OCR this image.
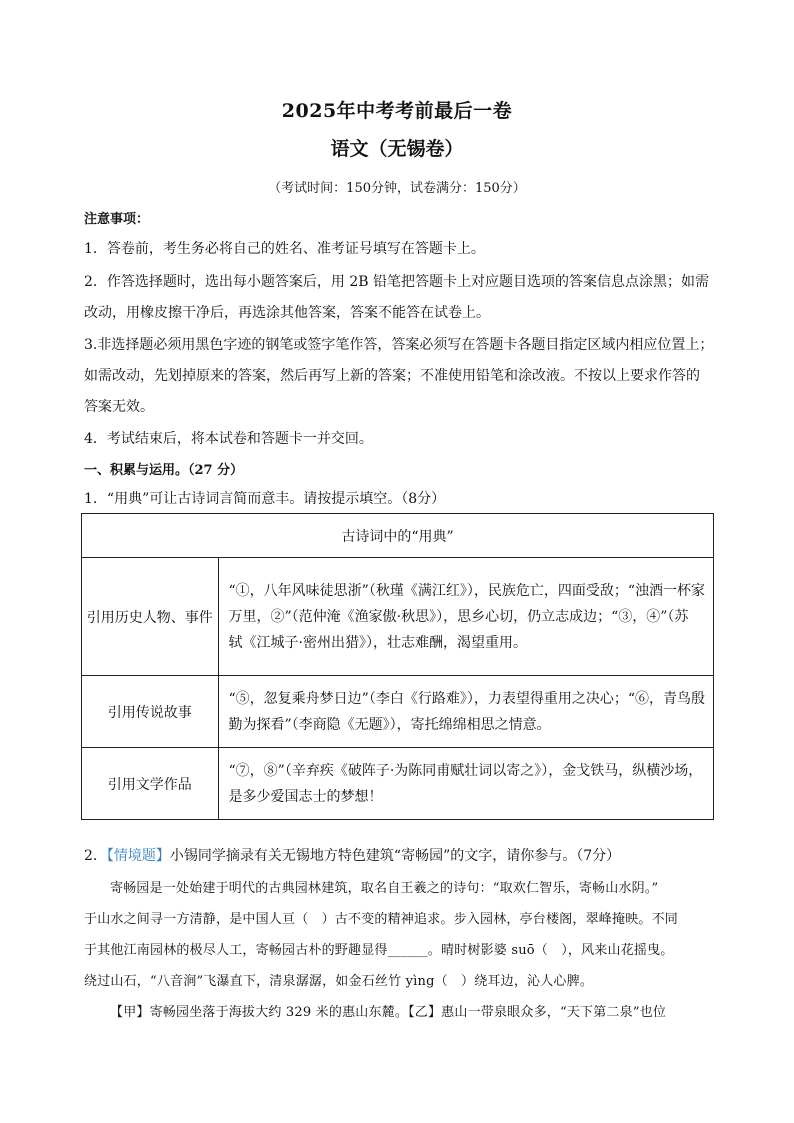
2025年中考考前最后一卷
语文（无锡卷）
（考试时间：150分钟，试卷满分：150分）
注意事项：
1．答卷前，考生务必将自己的姓名、准考证号填写在答题卡上。
2．作答选择题时，选出每小题答案后，用 2B 铅笔把答题卡上对应题目选项的答案信息点涂黑；如需
改动，用橡皮擦干净后，再选涂其他答案，答案不能答在试卷上。
3.非选择题必须用黑色字迹的钢笔或签字笔作答，答案必须写在答题卡各题目指定区域内相应位置上；
如需改动，先划掉原来的答案，然后再写上新的答案；不准使用铅笔和涂改液。不按以上要求作答的
答案无效。
4．考试结束后，将本试卷和答题卡一并交回。
一、积累与运用。（27 分）
1．“用典”可让古诗词言简而意丰。请按提示填空。（8分）
古诗词中的“用典”	
引用历史人物、事件	“①，八年风味徒思浙”（秋瑾《满江红》），民族危亡，四面受敌；“浊酒一杯家
万里，②”（范仲淹《渔家傲·秋思》），思乡心切，仍立志成边；“③，④”（苏
轼《江城子·密州出猎》），壮志难酬，渴望重用。

引用传说故事	“⑤，忽复乘舟梦日边”（李白《行路难》），力表望得重用之决心；“⑥，青鸟殷
勤为探看”（李商隐《无题》），寄托绵绵相思之情意。

引用文学作品	“⑦，⑧”（辛弃疾《破阵子·为陈同甫赋壮词以寄之》），金戈铁马，纵横沙场，
是多少爱国志士的梦想！
2．【情境题】小锡同学摘录有关无锡地方特色建筑“寄畅园”的文字，请你参与。（7分）
寄畅园是一处始建于明代的古典园林建筑，取名自王羲之的诗句：“取欢仁智乐，寄畅山水阴。”
于山水之间寻一方清静，是中国人亘（　）古不变的精神追求。步入园林，亭台楼阁，翠峰掩映。不同
于其他江南园林的极尽人工，寄畅园古朴的野趣显得______。晴时树影婆 suō（　），风来山花摇曳。
绕过山石，“八音涧”飞瀑直下，清泉潺潺，如金石丝竹 yìng（　）绕耳边，沁人心脾。
【甲】寄畅园坐落于海拔大约 329 米的惠山东麓。【乙】惠山一带泉眼众多，“天下第二泉”也位
